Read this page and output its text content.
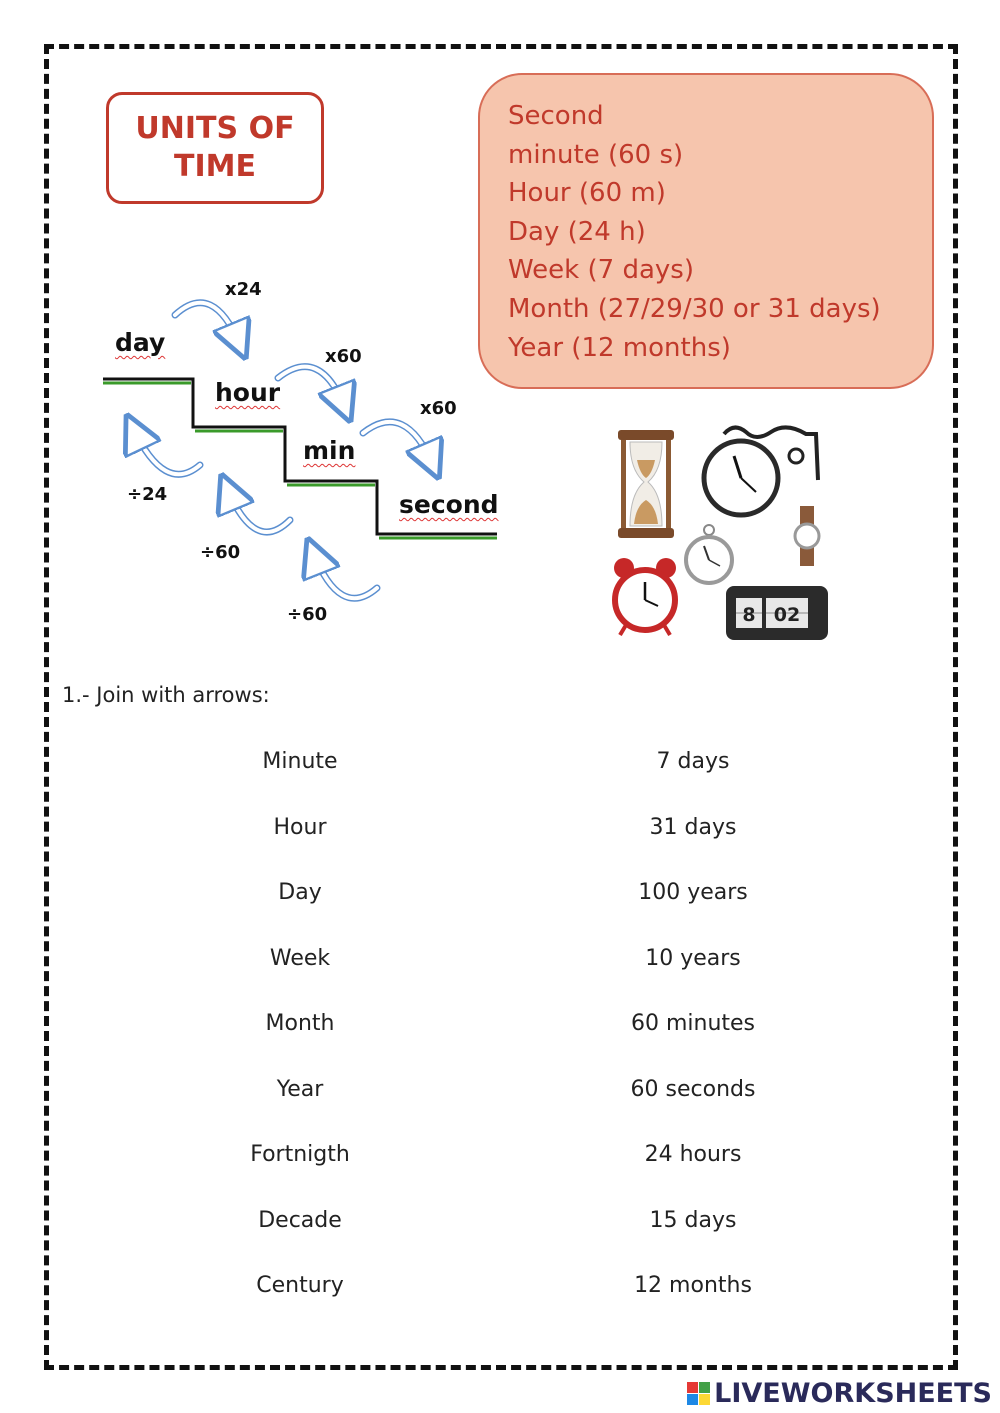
UNITS OF
TIME
Second
minute (60 s)
Hour (60 m)
Day (24 h)
Week (7 days)
Month (27/29/30 or 31 days)
Year (12 months)
day
hour
min
second
x24
x60
x60
÷24
÷60
÷60	8 02
1.- Join with arrows:
Minute
Hour
Day
Week
Month
Year
Fortnigth
Decade
Century
7 days
31 days
100 years
10 years
60 minutes
60 seconds
24 hours
15 days
12 months
LIVEWORKSHEETS
